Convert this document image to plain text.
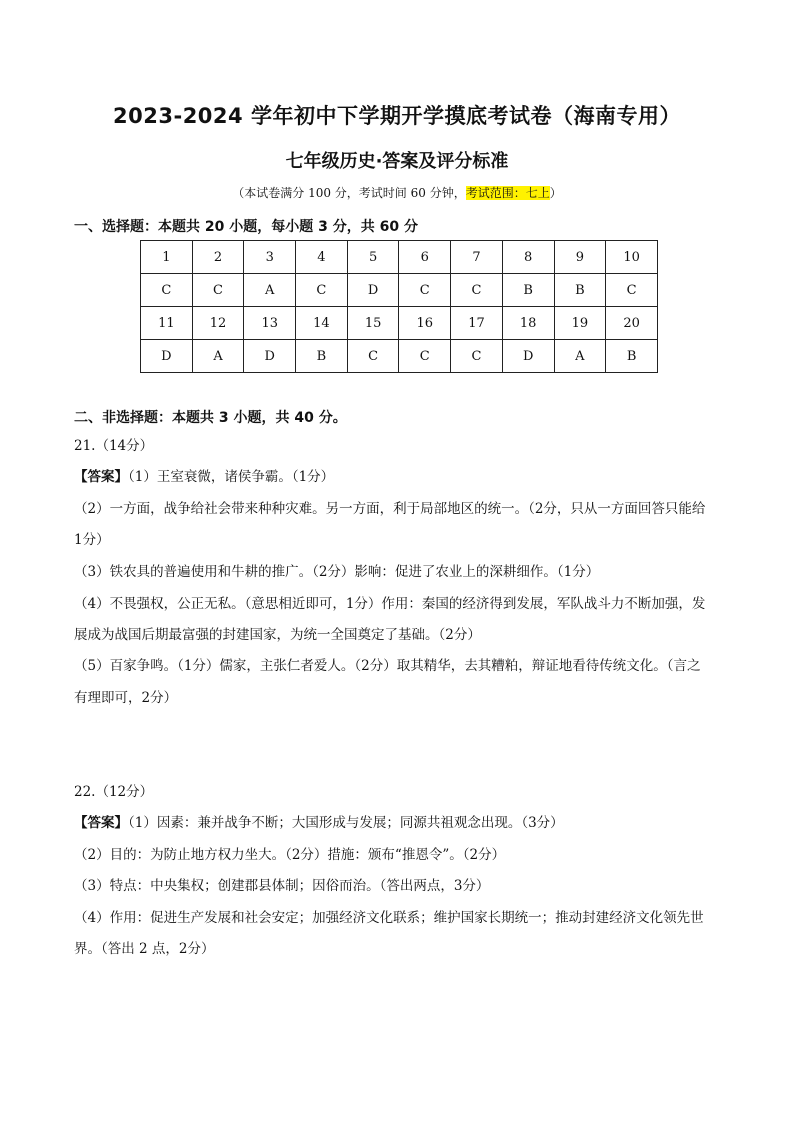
2023-2024 学年初中下学期开学摸底考试卷（海南专用）
七年级历史·答案及评分标准
（本试卷满分 100 分，考试时间 60 分钟，考试范围：七上）
一、选择题：本题共 20 小题，每小题 3 分，共 60 分
1	2	3	4	5	6	7	8	9	10
C	C	A	C	D	C	C	B	B	C
11	12	13	14	15	16	17	18	19	20
D	A	D	B	C	C	C	D	A	B
二、非选择题：本题共 3 小题，共 40 分。
21.（14分）
【答案】（1）王室衰微，诸侯争霸。（1分）
（2）一方面，战争给社会带来种种灾难。另一方面，利于局部地区的统一。（2分，只从一方面回答只能给
1分）
（3）铁农具的普遍使用和牛耕的推广。（2分）影响：促进了农业上的深耕细作。（1分）
（4）不畏强权，公正无私。（意思相近即可，1分）作用：秦国的经济得到发展，军队战斗力不断加强，发
展成为战国后期最富强的封建国家，为统一全国奠定了基础。（2分）
（5）百家争鸣。（1分）儒家，主张仁者爱人。（2分）取其精华，去其糟粕，辩证地看待传统文化。（言之
有理即可，2分）
22.（12分）
【答案】（1）因素：兼并战争不断；大国形成与发展；同源共祖观念出现。（3分）
（2）目的：为防止地方权力坐大。（2分）措施：颁布“推恩令”。（2分）
（3）特点：中央集权；创建郡县体制；因俗而治。（答出两点，3分）
（4）作用：促进生产发展和社会安定；加强经济文化联系；维护国家长期统一；推动封建经济文化领先世
界。（答出 2 点，2分）
